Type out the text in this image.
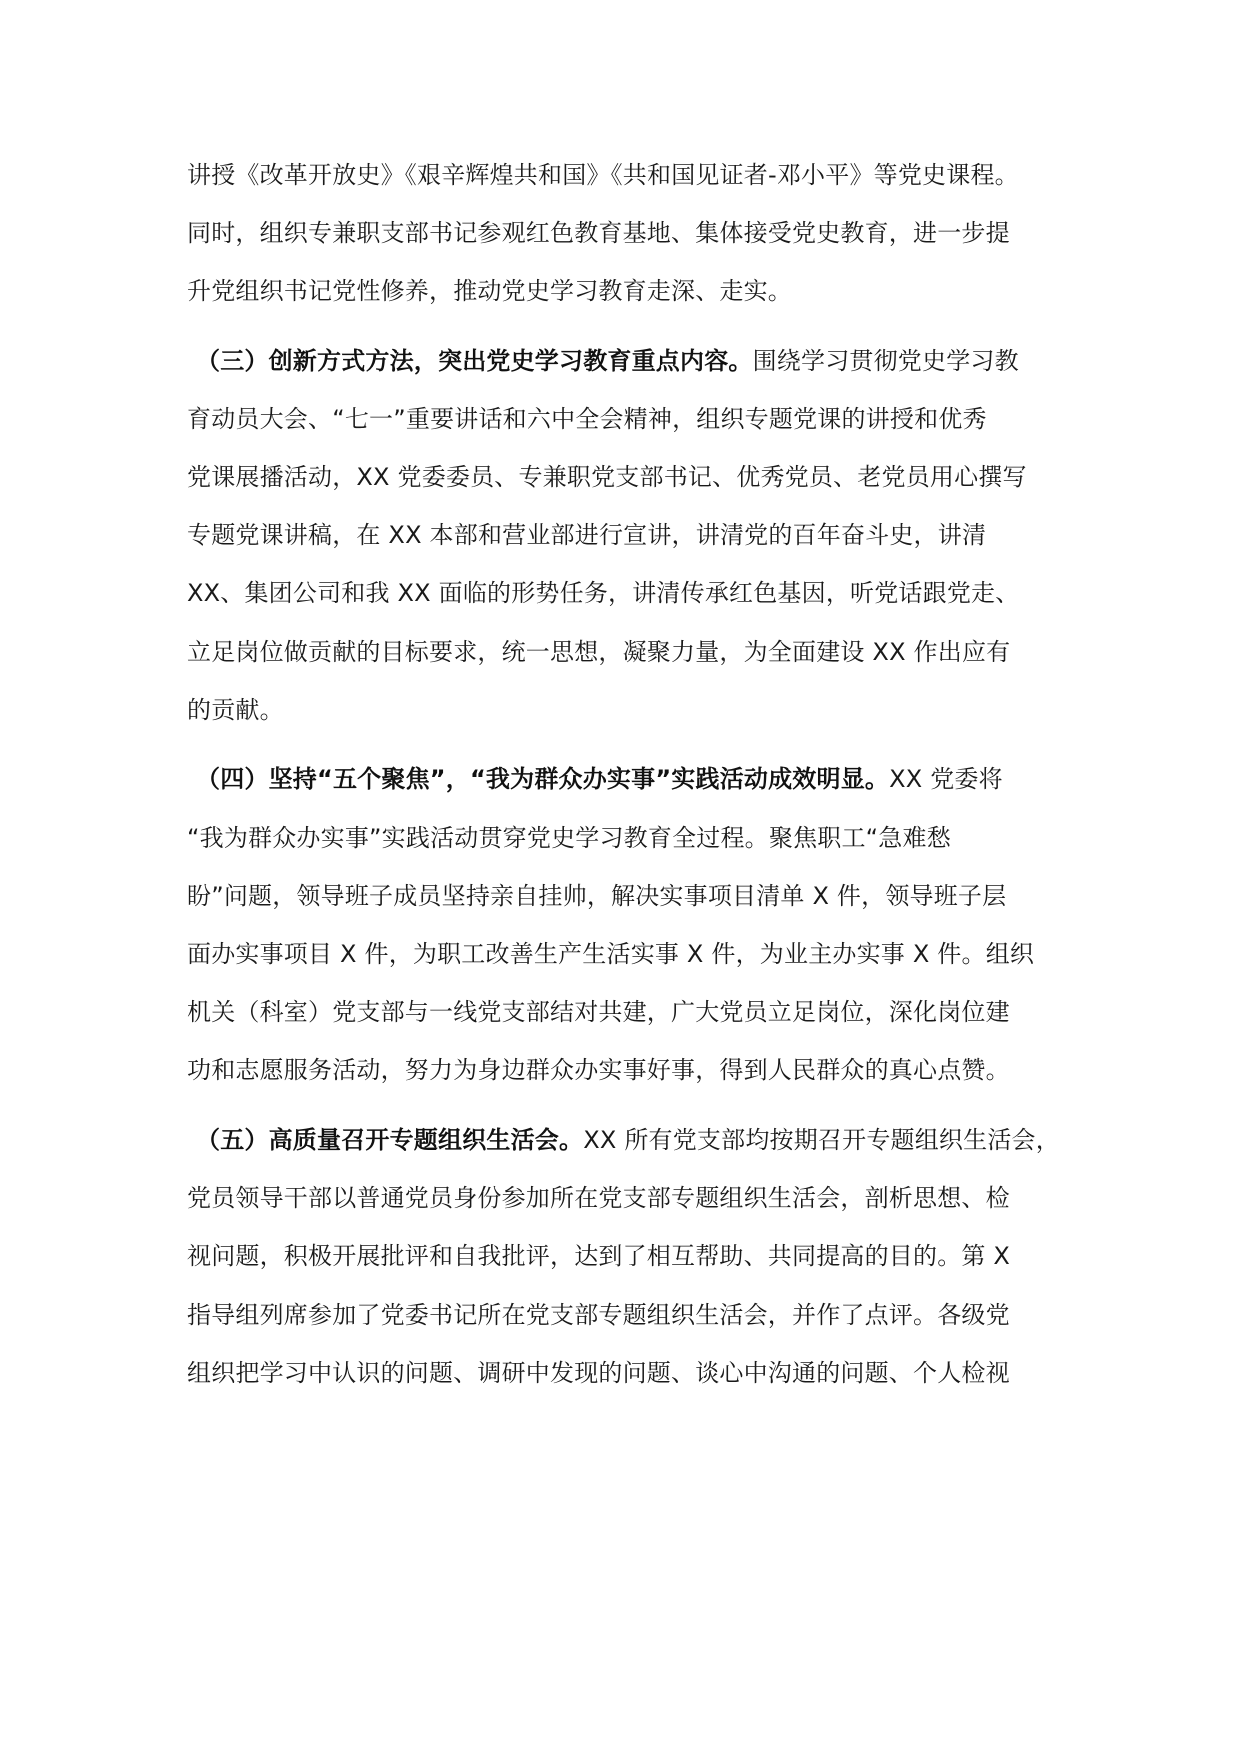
讲授《改革开放史》《艰辛辉煌共和国》《共和国见证者-邓小平》等党史课程。
同时，组织专兼职支部书记参观红色教育基地、集体接受党史教育，进一步提
升党组织书记党性修养，推动党史学习教育走深、走实。
（三）创新方式方法，突出党史学习教育重点内容。围绕学习贯彻党史学习教
育动员大会、“七一”重要讲话和六中全会精神，组织专题党课的讲授和优秀
党课展播活动，XX 党委委员、专兼职党支部书记、优秀党员、老党员用心撰写
专题党课讲稿，在 XX 本部和营业部进行宣讲，讲清党的百年奋斗史，讲清
XX、集团公司和我 XX 面临的形势任务，讲清传承红色基因，听党话跟党走、
立足岗位做贡献的目标要求，统一思想，凝聚力量，为全面建设 XX 作出应有
的贡献。
（四）坚持“五个聚焦”，“我为群众办实事”实践活动成效明显。XX 党委将
“我为群众办实事”实践活动贯穿党史学习教育全过程。聚焦职工“急难愁
盼”问题，领导班子成员坚持亲自挂帅，解决实事项目清单 X 件，领导班子层
面办实事项目 X 件，为职工改善生产生活实事 X 件，为业主办实事 X 件。组织
机关（科室）党支部与一线党支部结对共建，广大党员立足岗位，深化岗位建
功和志愿服务活动，努力为身边群众办实事好事，得到人民群众的真心点赞。
（五）高质量召开专题组织生活会。XX 所有党支部均按期召开专题组织生活会，
党员领导干部以普通党员身份参加所在党支部专题组织生活会，剖析思想、检
视问题，积极开展批评和自我批评，达到了相互帮助、共同提高的目的。第 X
指导组列席参加了党委书记所在党支部专题组织生活会，并作了点评。各级党
组织把学习中认识的问题、调研中发现的问题、谈心中沟通的问题、个人检视
